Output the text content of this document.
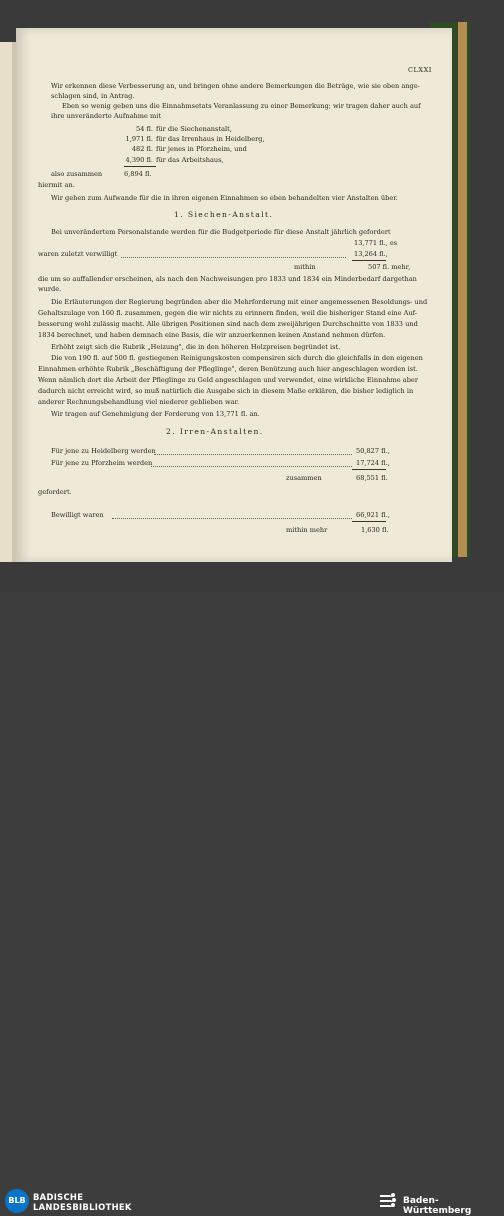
CLXXI
Wir erkennen diese Verbesserung an, und bringen ohne andere Bemerkungen die Beträge, wie sie oben ange-
schlagen sind, in Antrag.
Eben so wenig geben uns die Einnahmsetats Veranlassung zu einer Bemerkung; wir tragen daher auch auf
ihre unveränderte Aufnahme mit
54 fl. für die Siechenanstalt,
1,971 fl. für das Irrenhaus in Heidelberg,
482 fl. für jenes in Pforzheim, und
4,390 fl. für das Arbeitshaus,
also zusammen	6,894 fl.
hiermit an.
Wir gehen zum Aufwande für die in ihren eigenen Einnahmen so eben behandelten vier Anstalten über.
1. Siechen-Anstalt.
Bei unverändertem Personalstande werden für die Budgetperiode für diese Anstalt jährlich gefordert
13,771 fl., es
waren zuletzt verwilligt	13,264 fl.,
mithin	507 fl. mehr,
die um so auffallender erscheinen, als nach den Nachweisungen pro 1833 und 1834 ein Minderbedarf dargethan
wurde.
Die Erläuterungen der Regierung begründen aber die Mehrforderung mit einer angemessenen Besoldungs- und
Gehaltszulage von 160 fl. zusammen, gegen die wir nichts zu erinnern finden, weil die bisheriger Stand eine Auf-
besserung wohl zulässig macht. Alle übrigen Positionen sind nach dem zweijährigen Durchschnitte von 1833 und
1834 berechnet, und haben demnach eine Basis, die wir anzuerkennen keinen Anstand nehmen dürfen.
Erhöht zeigt sich die Rubrik „Heizung", die in den höheren Holzpreisen begründet ist.
Die von 190 fl. auf 500 fl. gestiegenen Reinigungskosten compensiren sich durch die gleichfalls in den eigenen
Einnahmen erhöhte Rubrik „Beschäftigung der Pfleglinge", deren Benützung auch hier angeschlagen worden ist.
Wenn nämlich dort die Arbeit der Pfleglinge zu Geld angeschlagen und verwendet, eine wirkliche Einnahme aber
dadurch nicht erreicht wird, so muß natürlich die Ausgabe sich in diesem Maße erklären, die bisher lediglich in
anderer Rechnungsbehandlung viel niederer geblieben war.
Wir tragen auf Genehmigung der Forderung von 13,771 fl. an.
2. Irren-Anstalten.
Für jene zu Heidelberg werden	50,827 fl.,
Für jene zu Pforzheim werden	17,724 fl.,
zusammen	68,551 fl.
gefordert.
Bewilligt waren	66,921 fl.,
mithin mehr	1,630 fl.
BLB BADISCHE
LANDESBIBLIOTHEK
Baden-Württemberg
